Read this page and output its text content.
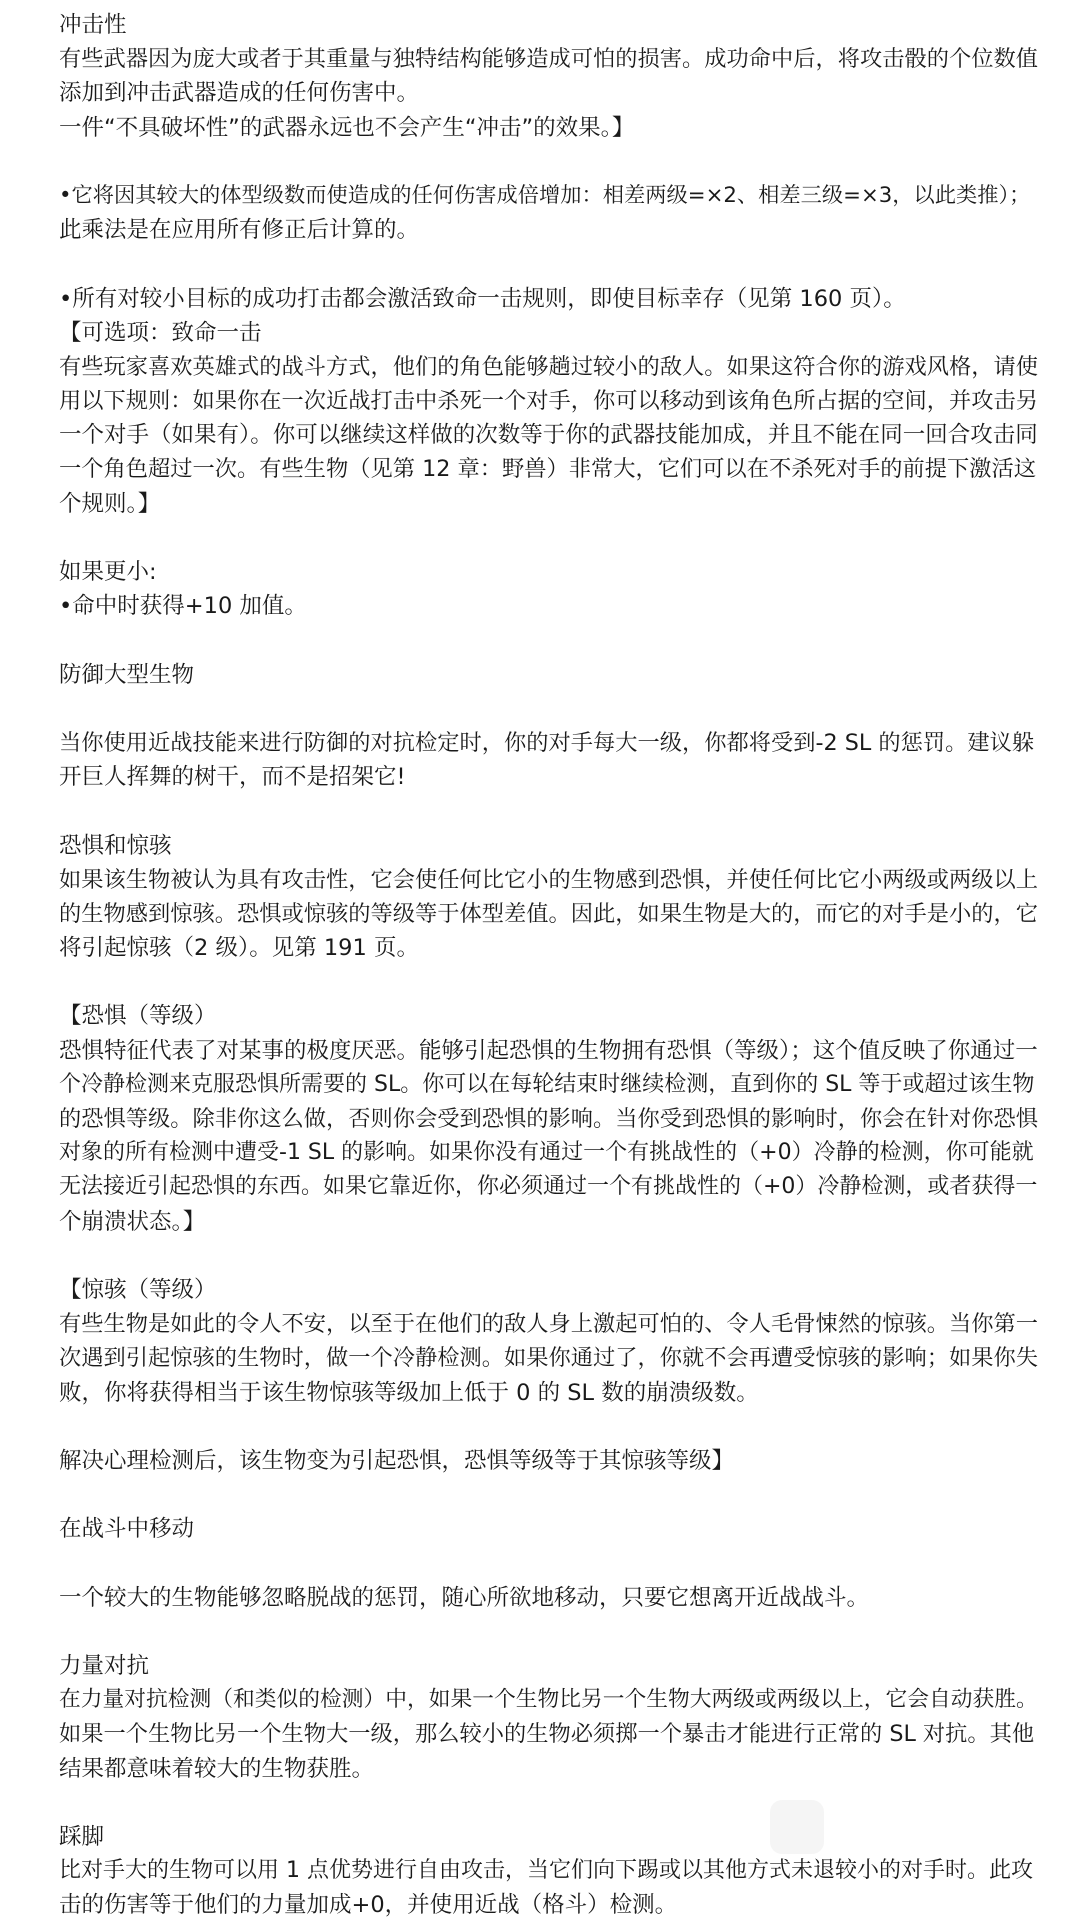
冲击性
有些武器因为庞大或者于其重量与独特结构能够造成可怕的损害。成功命中后，将攻击骰的个位数值
添加到冲击武器造成的任何伤害中。
一件“不具破坏性”的武器永远也不会产生“冲击”的效果。】
•它将因其较大的体型级数而使造成的任何伤害成倍增加：相差两级=×2、相差三级=×3，以此类推）；
此乘法是在应用所有修正后计算的。
•所有对较小目标的成功打击都会激活致命一击规则，即使目标幸存（见第 160 页）。
【可选项：致命一击
有些玩家喜欢英雄式的战斗方式，他们的角色能够趟过较小的敌人。如果这符合你的游戏风格，请使
用以下规则：如果你在一次近战打击中杀死一个对手，你可以移动到该角色所占据的空间，并攻击另
一个对手（如果有）。你可以继续这样做的次数等于你的武器技能加成，并且不能在同一回合攻击同
一个角色超过一次。有些生物（见第 12 章：野兽）非常大，它们可以在不杀死对手的前提下激活这
个规则。】
如果更小:
•命中时获得+10 加值。
防御大型生物
当你使用近战技能来进行防御的对抗检定时，你的对手每大一级，你都将受到-2 SL 的惩罚。建议躲
开巨人挥舞的树干，而不是招架它!
恐惧和惊骇
如果该生物被认为具有攻击性，它会使任何比它小的生物感到恐惧，并使任何比它小两级或两级以上
的生物感到惊骇。恐惧或惊骇的等级等于体型差值。因此，如果生物是大的，而它的对手是小的，它
将引起惊骇（2 级）。见第 191 页。
【恐惧（等级）
恐惧特征代表了对某事的极度厌恶。能够引起恐惧的生物拥有恐惧（等级）；这个值反映了你通过一
个冷静检测来克服恐惧所需要的 SL。你可以在每轮结束时继续检测，直到你的 SL 等于或超过该生物
的恐惧等级。除非你这么做，否则你会受到恐惧的影响。当你受到恐惧的影响时，你会在针对你恐惧
对象的所有检测中遭受-1 SL 的影响。如果你没有通过一个有挑战性的（+0）冷静的检测，你可能就
无法接近引起恐惧的东西。如果它靠近你，你必须通过一个有挑战性的（+0）冷静检测，或者获得一
个崩溃状态。】
【惊骇（等级）
有些生物是如此的令人不安，以至于在他们的敌人身上激起可怕的、令人毛骨悚然的惊骇。当你第一
次遇到引起惊骇的生物时，做一个冷静检测。如果你通过了，你就不会再遭受惊骇的影响；如果你失
败，你将获得相当于该生物惊骇等级加上低于 0 的 SL 数的崩溃级数。
解决心理检测后，该生物变为引起恐惧，恐惧等级等于其惊骇等级】
在战斗中移动
一个较大的生物能够忽略脱战的惩罚，随心所欲地移动，只要它想离开近战战斗。
力量对抗
在力量对抗检测（和类似的检测）中，如果一个生物比另一个生物大两级或两级以上，它会自动获胜。
如果一个生物比另一个生物大一级，那么较小的生物必须掷一个暴击才能进行正常的 SL 对抗。其他
结果都意味着较大的生物获胜。
踩脚
比对手大的生物可以用 1 点优势进行自由攻击，当它们向下踢或以其他方式未退较小的对手时。此攻
击的伤害等于他们的力量加成+0，并使用近战（格斗）检测。
